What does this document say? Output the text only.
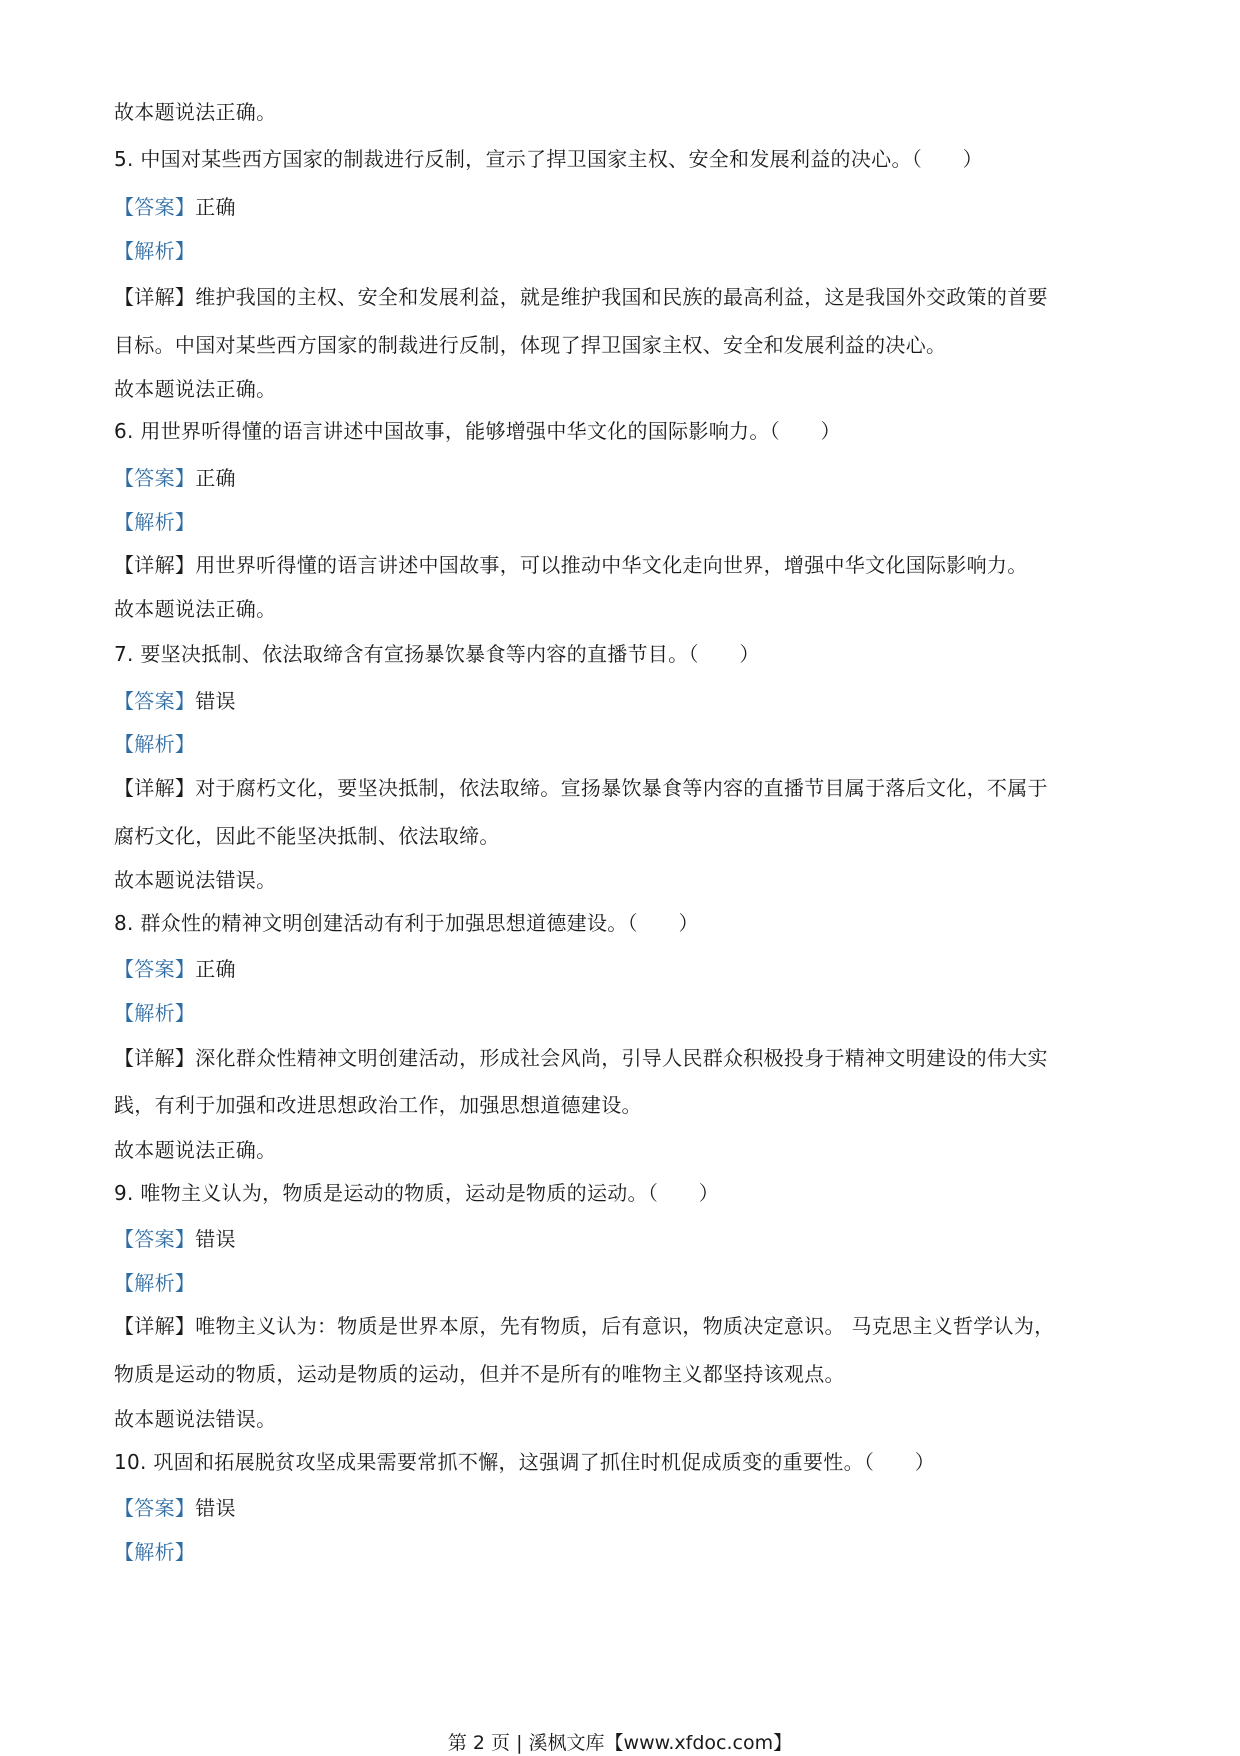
故本题说法正确。
5. 中国对某些西方国家的制裁进行反制，宣示了捍卫国家主权、安全和发展利益的决心。（　　）
【答案】正确
【解析】
【详解】维护我国的主权、安全和发展利益，就是维护我国和民族的最高利益，这是我国外交政策的首要
目标。中国对某些西方国家的制裁进行反制，体现了捍卫国家主权、安全和发展利益的决心。
故本题说法正确。
6. 用世界听得懂的语言讲述中国故事，能够增强中华文化的国际影响力。（　　）
【答案】正确
【解析】
【详解】用世界听得懂的语言讲述中国故事，可以推动中华文化走向世界，增强中华文化国际影响力。
故本题说法正确。
7. 要坚决抵制、依法取缔含有宣扬暴饮暴食等内容的直播节目。（　　）
【答案】错误
【解析】
【详解】对于腐朽文化，要坚决抵制，依法取缔。宣扬暴饮暴食等内容的直播节目属于落后文化，不属于
腐朽文化，因此不能坚决抵制、依法取缔。
故本题说法错误。
8. 群众性的精神文明创建活动有利于加强思想道德建设。（　　）
【答案】正确
【解析】
【详解】深化群众性精神文明创建活动，形成社会风尚，引导人民群众积极投身于精神文明建设的伟大实
践，有利于加强和改进思想政治工作，加强思想道德建设。
故本题说法正确。
9. 唯物主义认为，物质是运动的物质，运动是物质的运动。（　　）
【答案】错误
【解析】
【详解】唯物主义认为：物质是世界本原，先有物质，后有意识，物质决定意识。 马克思主义哲学认为，
物质是运动的物质，运动是物质的运动，但并不是所有的唯物主义都坚持该观点。
故本题说法错误。
10. 巩固和拓展脱贫攻坚成果需要常抓不懈，这强调了抓住时机促成质变的重要性。（　　）
【答案】错误
【解析】
第 2 页 | 溪枫文库【www.xfdoc.com】
